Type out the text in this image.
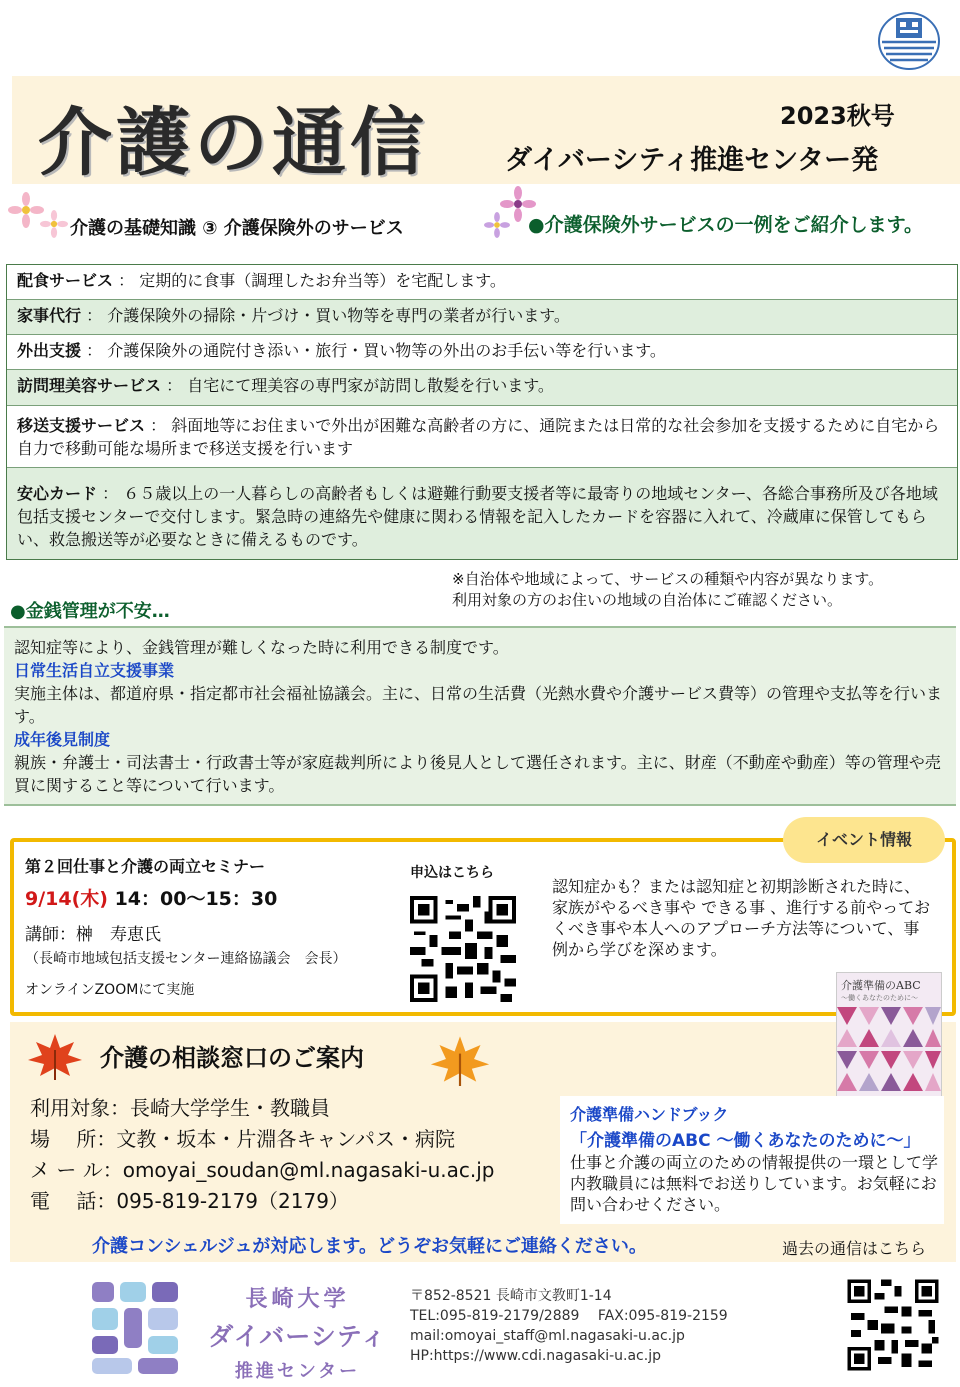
介護の通信	2023秋号
ダイバーシティ推進センター発
介護の基礎知識 ③ 介護保険外のサービス	●介護保険外サービスの一例をご紹介します。
配食サービス ： 定期的に食事（調理したお弁当等）を宅配します。
家事代行 ： 介護保険外の掃除・片づけ・買い物等を専門の業者が行います。
外出支援 ： 介護保険外の通院付き添い・旅行・買い物等の外出のお手伝い等を行います。
訪問理美容サービス ： 自宅にて理美容の専門家が訪問し散髪を行います。
移送支援サービス ： 斜面地等にお住まいで外出が困難な高齢者の方に、通院または日常的な社会参加を支援するために自宅から自力で移動可能な場所まで移送支援を行います
安心カード ： ６５歳以上の一人暮らしの高齢者もしくは避難行動要支援者等に最寄りの地域センター、各総合事務所及び各地域包括支援センターで交付します。緊急時の連絡先や健康に関わる情報を記入したカードを容器に入れて、冷蔵庫に保管してもらい、救急搬送等が必要なときに備えるものです。
※自治体や地域によって、サービスの種類や内容が異なります。
利用対象の方のお住いの地域の自治体にご確認ください。
●金銭管理が不安…
認知症等により、金銭管理が難しくなった時に利用できる制度です。
日常生活自立支援事業
実施主体は、都道府県・指定都市社会福祉協議会。主に、日常の生活費（光熱水費や介護サービス費等）の管理や支払等を行います。
成年後見制度
親族・弁護士・司法書士・行政書士等が家庭裁判所により後見人として選任されます。主に、財産（不動産や動産）等の管理や売買に関すること等について行います。
イベント情報
第２回仕事と介護の両立セミナー
9/14(木) 14：00～15：30
講師：榊　寿恵氏
（長崎市地域包括支援センター連絡協議会　会長）
オンラインZOOMにて実施
申込はこちら
認知症かも？または認知症と初期診断された時に、家族がやるべき事や できる事 、進行する前やっておくべき事や本人へのアプローチ方法等について、事例から学びを深めます。
介護の相談窓口のご案内
利用対象：長崎大学学生・教職員
場　 所：文教・坂本・片淵各キャンパス・病院
メ ー ル：omoyai_soudan@ml.nagasaki-u.ac.jp
電　 話：095-819-2179（2179）
介護準備のABC
～働くあなたのために～
介護準備ハンドブック
「介護準備のABC ～働くあなたのために～」
仕事と介護の両立のための情報提供の一環として学内教職員には無料でお送りしています。お気軽にお問い合わせください。
介護コンシェルジュが対応します。どうぞお気軽にご連絡ください。	過去の通信はこちら
長崎大学
ダイバーシティ
推進センター
〒852-8521 長崎市文教町1-14
TEL:095-819-2179/2889　 FAX:095-819-2159
mail:omoyai_staff@ml.nagasaki-u.ac.jp
HP:https://www.cdi.nagasaki-u.ac.jp
